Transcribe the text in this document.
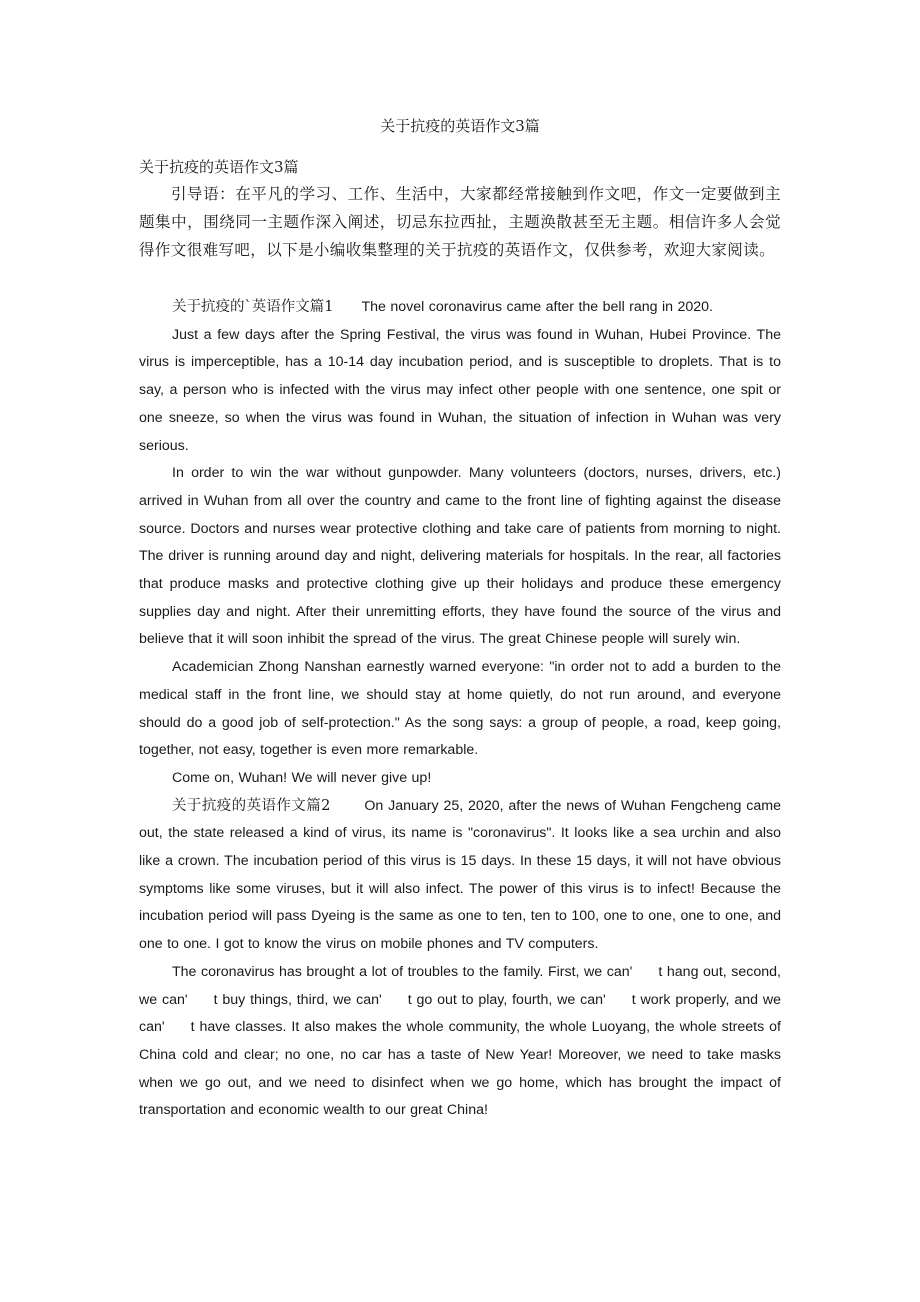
关于抗疫的英语作文3篇

关于抗疫的英语作文3篇

引导语：在平凡的学习、工作、生活中，大家都经常接触到作文吧，作文一定要做到主题集中，围绕同一主题作深入阐述，切忌东拉西扯，主题涣散甚至无主题。相信许多人会觉得作文很难写吧，以下是小编收集整理的关于抗疫的英语作文，仅供参考，欢迎大家阅读。

关于抗疫的`英语作文篇1 The novel coronavirus came after the bell rang in 2020.

Just a few days after the Spring Festival, the virus was found in Wuhan, Hubei Province. The virus is imperceptible, has a 10-14 day incubation period, and is susceptible to droplets. That is to say, a person who is infected with the virus may infect other people with one sentence, one spit or one sneeze, so when the virus was found in Wuhan, the situation of infection in Wuhan was very serious.

In order to win the war without gunpowder. Many volunteers (doctors, nurses, drivers, etc.) arrived in Wuhan from all over the country and came to the front line of fighting against the disease source. Doctors and nurses wear protective clothing and take care of patients from morning to night. The driver is running around day and night, delivering materials for hospitals. In the rear, all factories that produce masks and protective clothing give up their holidays and produce these emergency supplies day and night. After their unremitting efforts, they have found the source of the virus and believe that it will soon inhibit the spread of the virus. The great Chinese people will surely win.

Academician Zhong Nanshan earnestly warned everyone: "in order not to add a burden to the medical staff in the front line, we should stay at home quietly, do not run around, and everyone should do a good job of self-protection." As the song says: a group of people, a road, keep going, together, not easy, together is even more remarkable.

Come on, Wuhan! We will never give up!

关于抗疫的英语作文篇2 On January 25, 2020, after the news of Wuhan Fengcheng came out, the state released a kind of virus, its name is "coronavirus". It looks like a sea urchin and also like a crown. The incubation period of this virus is 15 days. In these 15 days, it will not have obvious symptoms like some viruses, but it will also infect. The power of this virus is to infect! Because the incubation period will pass Dyeing is the same as one to ten, ten to 100, one to one, one to one, and one to one. I got to know the virus on mobile phones and TV computers.

The coronavirus has brought a lot of troubles to the family. First, we can' t hang out, second, we can' t buy things, third, we can' t go out to play, fourth, we can' t work properly, and we can' t have classes. It also makes the whole community, the whole Luoyang, the whole streets of China cold and clear; no one, no car has a taste of New Year! Moreover, we need to take masks when we go out, and we need to disinfect when we go home, which has brought the impact of transportation and economic wealth to our great China!
